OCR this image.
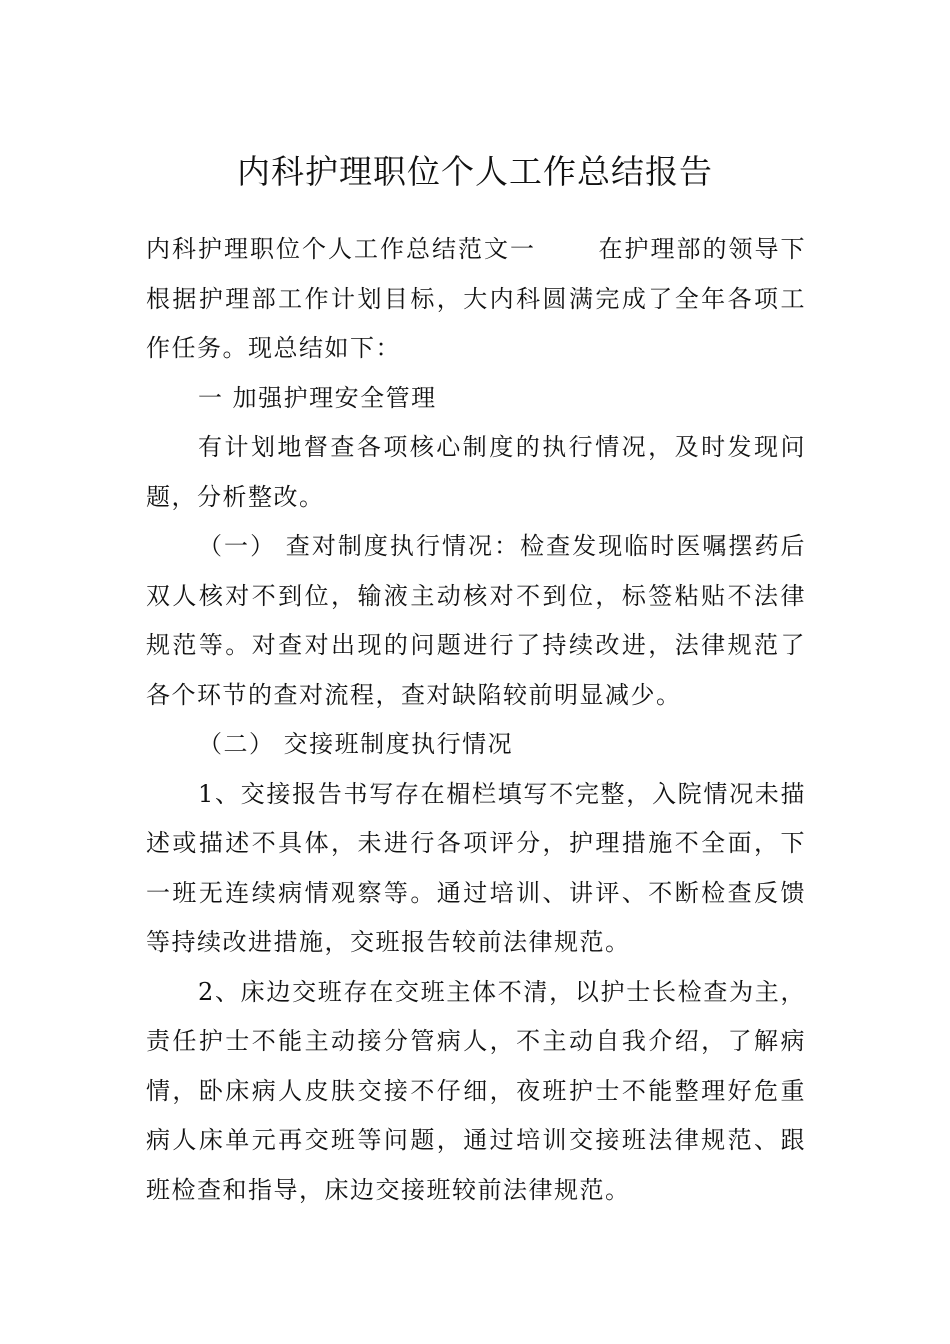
内科护理职位个人工作总结报告

内科护理职位个人工作总结范文一	在护理部的领导下根据护理部工作计划目标，大内科圆满完成了全年各项工作任务。现总结如下：

一 加强护理安全管理

有计划地督查各项核心制度的执行情况，及时发现问题，分析整改。

（一） 查对制度执行情况：检查发现临时医嘱摆药后双人核对不到位，输液主动核对不到位，标签粘贴不法律规范等。对查对出现的问题进行了持续改进，法律规范了各个环节的查对流程，查对缺陷较前明显减少。

（二） 交接班制度执行情况

1、交接报告书写存在楣栏填写不完整，入院情况未描述或描述不具体，未进行各项评分，护理措施不全面，下一班无连续病情观察等。通过培训、讲评、不断检查反馈等持续改进措施，交班报告较前法律规范。

2、床边交班存在交班主体不清，以护士长检查为主，责任护士不能主动接分管病人，不主动自我介绍，了解病情，卧床病人皮肤交接不仔细，夜班护士不能整理好危重病人床单元再交班等问题，通过培训交接班法律规范、跟班检查和指导，床边交接班较前法律规范。
